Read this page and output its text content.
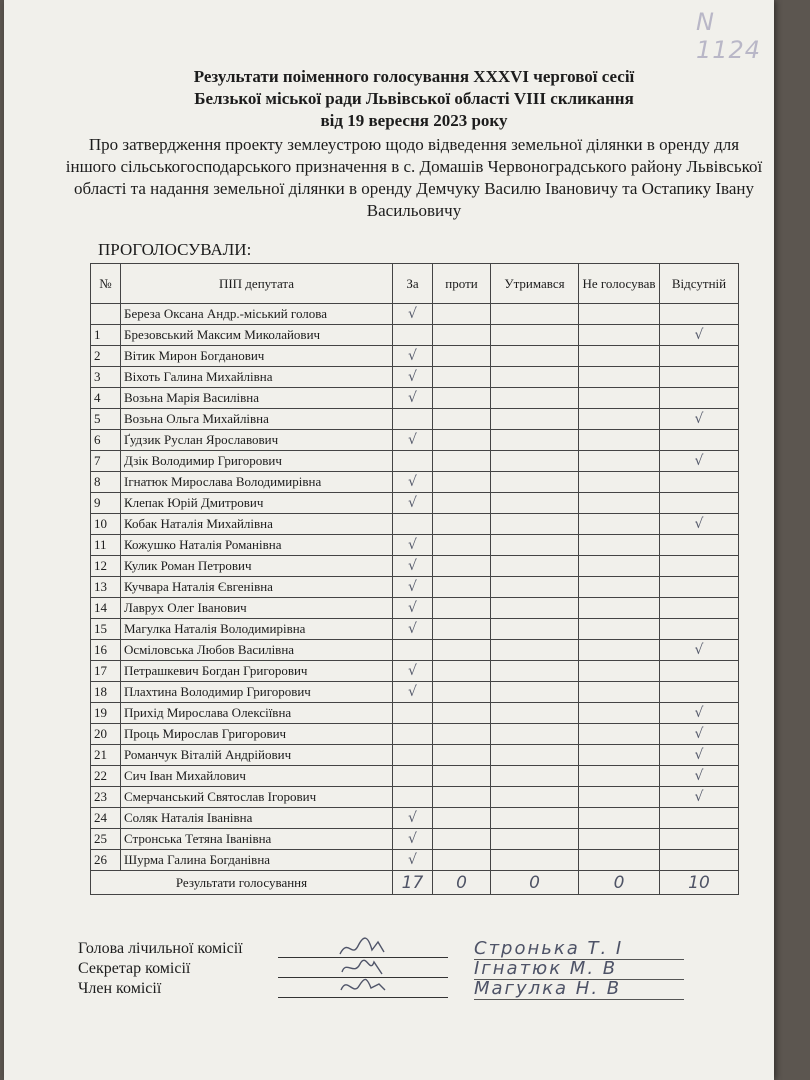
N 1124
Результати поіменного голосування XXXVI чергової сесії
Белзької міської ради Львівської області VIII скликання
від 19 вересня 2023 року
Про затвердження проекту землеустрою щодо відведення земельної ділянки в оренду для іншого сільськогосподарського призначення в с. Домашів Червоноградського району Львівської області та надання земельної ділянки в оренду Демчуку Василю Івановичу та Остапику Івану Васильовичу
ПРОГОЛОСУВАЛИ:
№	ПІП депутата	За	проти	Утримався	Не голосував	Відсутній
	Береза Оксана Андр.-міський голова	√				
1	Брезовський Максим Миколайович					√
2	Вітик Мирон Богданович	√				
3	Віхоть Галина Михайлівна	√				
4	Возьна Марія Василівна	√				
5	Возьна Ольга Михайлівна					√
6	Ґудзик Руслан Ярославович	√				
7	Дзік Володимир Григорович					√
8	Ігнатюк Мирослава Володимирівна	√				
9	Клепак Юрій Дмитрович	√				
10	Кобак Наталія Михайлівна					√
11	Кожушко Наталія Романівна	√				
12	Кулик Роман Петрович	√				
13	Кучвара Наталія Євгенівна	√				
14	Лаврух Олег Іванович	√				
15	Магулка Наталія Володимирівна	√				
16	Осміловська Любов Василівна					√
17	Петрашкевич Богдан Григорович	√				
18	Плахтина Володимир Григорович	√				
19	Прихід Мирослава Олексіївна					√
20	Проць Мирослав Григорович					√
21	Романчук Віталій Андрійович					√
22	Сич Іван Михайлович					√
23	Смерчанський Святослав Ігорович					√
24	Соляк Наталія Іванівна	√				
25	Стронська Тетяна Іванівна	√				
26	Шурма Галина Богданівна	√				
Результати голосування		17	0	0	0	10
Голова лічильної комісії	Стронька Т. І
Секретар комісії	Ігнатюк М. В
Член комісії	Магулка Н. В
